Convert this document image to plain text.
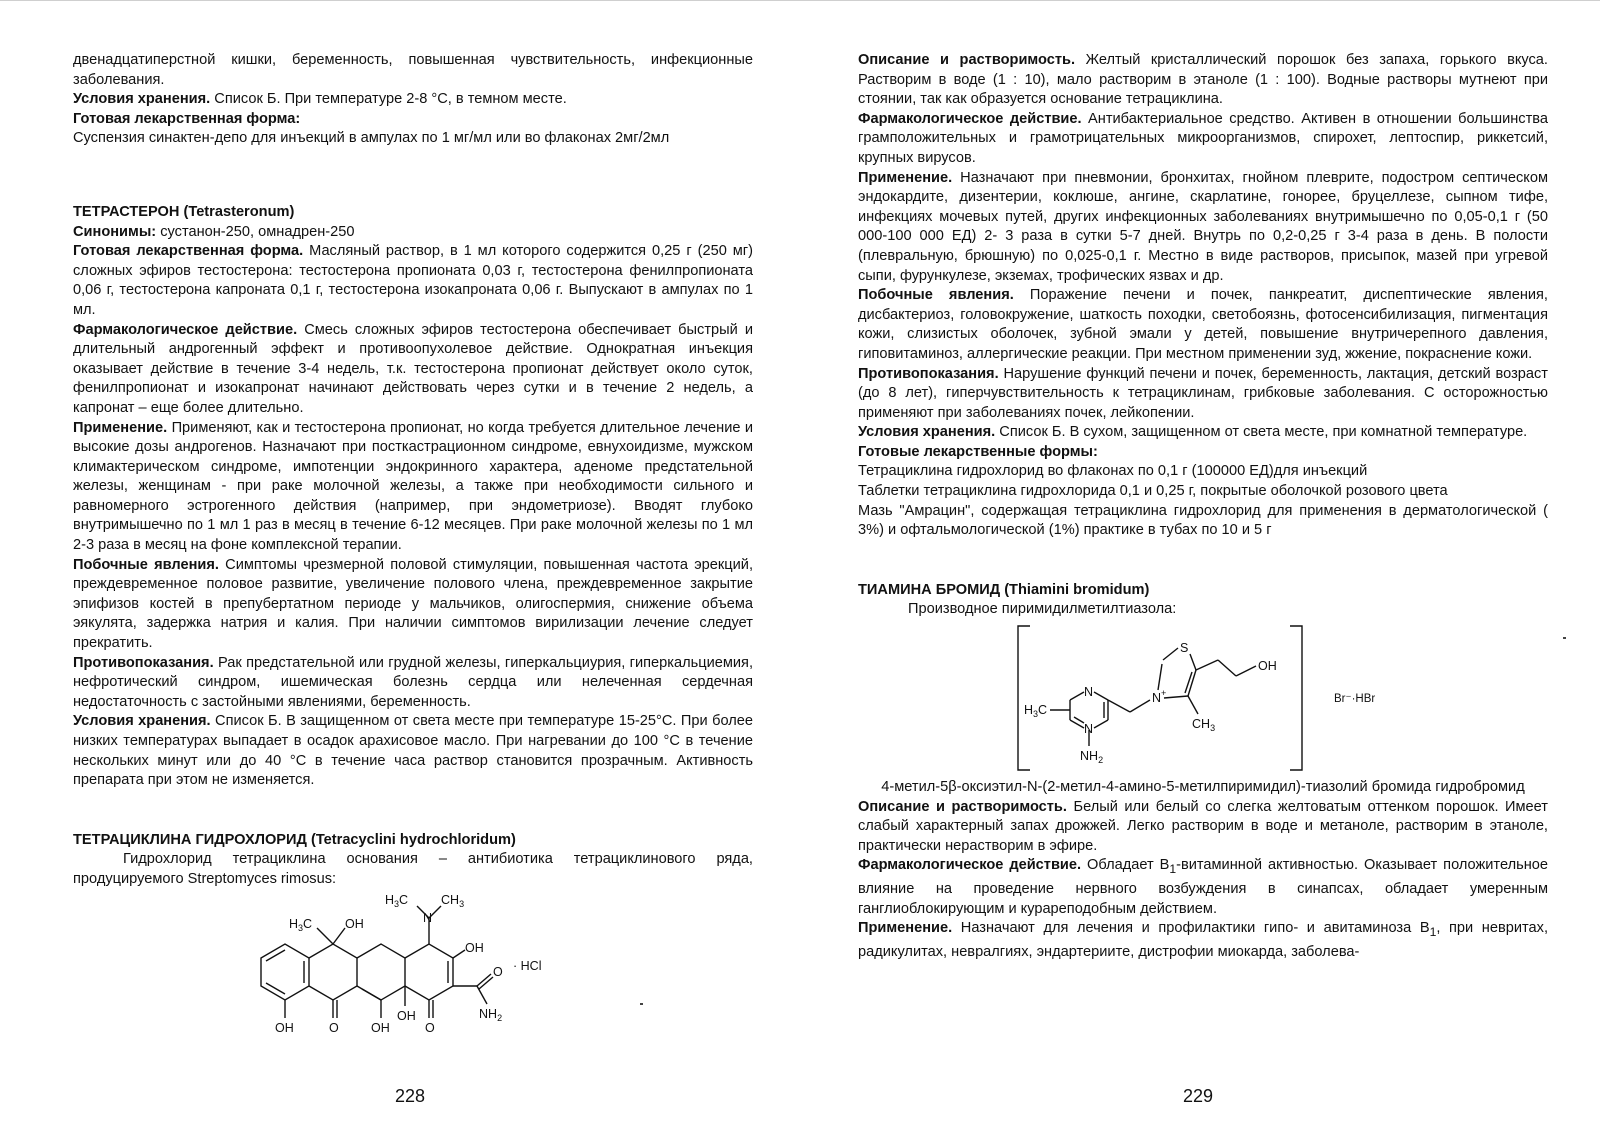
двенадцатиперстной кишки, беременность, повышенная чувствительность, инфекционные заболевания.

Условия хранения. Список Б. При температуре 2-8 °С, в темном месте.

Готовая лекарственная форма:

Суспензия синактен-депо для инъекций в ампулах по 1 мг/мл или во флаконах 2мг/2мл

ТЕТРАСТЕРОН (Tetrasteronum)

Синонимы: сустанон-250, омнадрен-250

Готовая лекарственная форма. Масляный раствор, в 1 мл которого содержится 0,25 г (250 мг) сложных эфиров тестостерона: тестостерона пропионата 0,03 г, тестостерона фенилпропионата 0,06 г, тестостерона капроната 0,1 г, тестостерона изокапроната 0,06 г. Выпускают в ампулах по 1 мл.

Фармакологическое действие. Смесь сложных эфиров тестостерона обеспечивает быстрый и длительный андрогенный эффект и противоопухолевое действие. Однократная инъекция оказывает действие в течение 3-4 недель, т.к. тестостерона пропионат действует около суток, фенилпропионат и изокапронат начинают действовать через сутки и в течение 2 недель, а капронат – еще более длительно.

Применение. Применяют, как и тестостерона пропионат, но когда требуется длительное лечение и высокие дозы андрогенов. Назначают при посткастрационном синдроме, евнухоидизме, мужском климактерическом синдроме, импотенции эндокринного характера, аденоме предстательной железы, женщинам - при раке молочной железы, а также при необходимости сильного и равномерного эстрогенного действия (например, при эндометриозе). Вводят глубоко внутримышечно по 1 мл 1 раз в месяц в течение 6-12 месяцев. При раке молочной железы по 1 мл 2-3 раза в месяц на фоне комплексной терапии.

Побочные явления. Симптомы чрезмерной половой стимуляции, повышенная частота эрекций, преждевременное половое развитие, увеличение полового члена, преждевременное закрытие эпифизов костей в препубертатном периоде у мальчиков, олигоспермия, снижение объема эякулята, задержка натрия и калия. При наличии симптомов вирилизации лечение следует прекратить.

Противопоказания. Рак предстательной или грудной железы, гиперкальциурия, гиперкальциемия, нефротический синдром, ишемическая болезнь сердца или нелеченная сердечная недостаточность с застойными явлениями, беременность.

Условия хранения. Список Б. В защищенном от света месте при температуре 15-25°С. При более низких температурах выпадает в осадок арахисовое масло. При нагревании до 100 °С в течение нескольких минут или до 40 °С в течение часа раствор становится прозрачным. Активность препарата при этом не изменяется.

ТЕТРАЦИКЛИНА ГИДРОХЛОРИД (Tetracyclini hydrochloridum)

Гидрохлорид тетрациклина основания – антибиотика тетрациклинового ряда, продуцируемого Streptomyces rimosus:

$H_3C$
N
$CH_3$
$H_3C$	OH
OH
O
$NH_2$
OH	O	OH
OH
O
· HCl
228

Описание и растворимость. Желтый кристаллический порошок без запаха, горького вкуса. Растворим в воде (1 : 10), мало растворим в этаноле (1 : 100). Водные растворы мутнеют при стоянии, так как образуется основание тетрациклина.

Фармакологическое действие. Антибактериальное средство. Активен в отношении большинства грамположительных и грамотрицательных микроорганизмов, спирохет, лептоспир, риккетсий, крупных вирусов.

Применение. Назначают при пневмонии, бронхитах, гнойном плеврите, подостром септическом эндокардите, дизентерии, коклюше, ангине, скарлатине, гонорее, бруцеллезе, сыпном тифе, инфекциях мочевых путей, других инфекционных заболеваниях внутримышечно по 0,05-0,1 г (50 000-100 000 ЕД) 2- 3 раза в сутки 5-7 дней. Внутрь по 0,2-0,25 г 3-4 раза в день. В полости (плевральную, брюшную) по 0,025-0,1 г. Местно в виде растворов, присыпок, мазей при угревой сыпи, фурункулезе, экземах, трофических язвах и др.

Побочные явления. Поражение печени и почек, панкреатит, диспептические явления, дисбактериоз, головокружение, шаткость походки, светобоязнь, фотосенсибилизация, пигментация кожи, слизистых оболочек, зубной эмали у детей, повышение внутричерепного давления, гиповитаминоз, аллергические реакции. При местном применении зуд, жжение, покраснение кожи.

Противопоказания. Нарушение функций печени и почек, беременность, лактация, детский возраст (до 8 лет), гиперчувствительность к тетрациклинам, грибковые заболевания. С осторожностью применяют при заболеваниях почек, лейкопении.

Условия хранения. Список Б. В сухом, защищенном от света месте, при комнатной температуре.

Готовые лекарственные формы:

Тетрациклина гидрохлорид во флаконах по 0,1 г (100000 ЕД)для инъекций

Таблетки тетрациклина гидрохлорида 0,1 и 0,25 г, покрытые оболочкой розового цвета

Мазь "Амрацин", содержащая тетрациклина гидрохлорид для применения в дерматологической ( 3%) и офтальмологической (1%) практике в тубах по 10 и 5 г

ТИАМИНА БРОМИД (Thiamini bromidum)

Производное пиримидилметилтиазола:

S
N+
OH
$CH_3$
N
N
$H_3C$
$NH_2$
Br⁻·HBr

4-метил-5β-оксиэтил-N-(2-метил-4-амино-5-метилпиримидил)-тиазолий бромида гидробромид

Описание и растворимость. Белый или белый со слегка желтоватым оттенком порошок. Имеет слабый характерный запах дрожжей. Легко растворим в воде и метаноле, растворим в этаноле, практически нерастворим в эфире.

Фармакологическое действие. Обладает $B_1$-витаминной активностью. Оказывает положительное влияние на проведение нервного возбуждения в синапсах, обладает умеренным ганглиоблокирующим и курареподобным действием.

Применение. Назначают для лечения и профилактики гипо- и авитаминоза $B_1$, при невритах, радикулитах, невралгиях, эндартериите, дистрофии миокарда, заболева-

229
